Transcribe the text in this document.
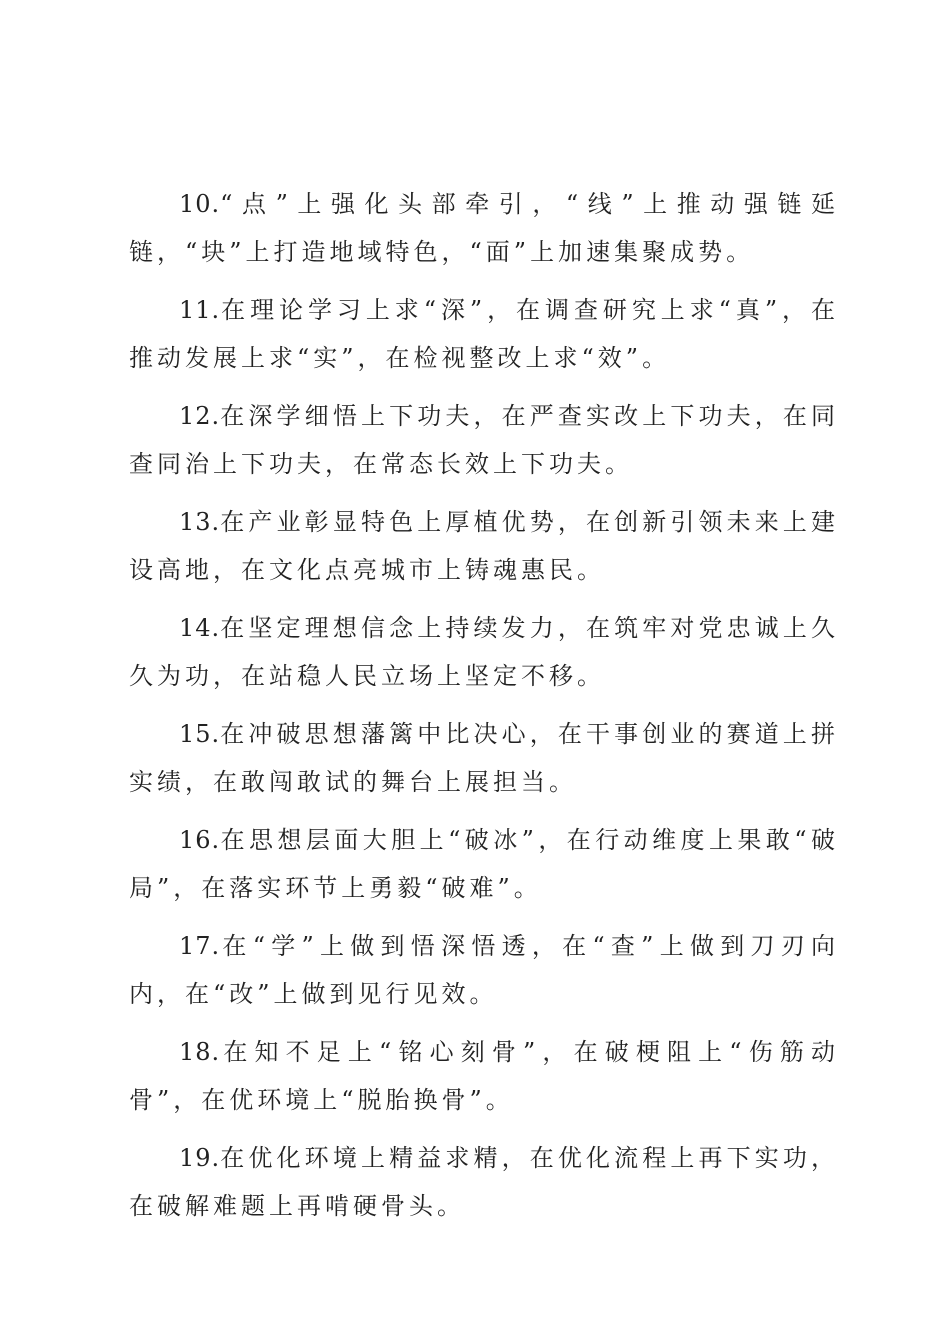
10.“点”上强化头部牵引，“线”上推动强链延链，“块”上打造地域特色，“面”上加速集聚成势。

11.在理论学习上求“深”，在调查研究上求“真”，在推动发展上求“实”，在检视整改上求“效”。

12.在深学细悟上下功夫，在严查实改上下功夫，在同查同治上下功夫，在常态长效上下功夫。

13.在产业彰显特色上厚植优势，在创新引领未来上建设高地，在文化点亮城市上铸魂惠民。

14.在坚定理想信念上持续发力，在筑牢对党忠诚上久久为功，在站稳人民立场上坚定不移。

15.在冲破思想藩篱中比决心，在干事创业的赛道上拼实绩，在敢闯敢试的舞台上展担当。

16.在思想层面大胆上“破冰”，在行动维度上果敢“破局”，在落实环节上勇毅“破难”。

17.在“学”上做到悟深悟透，在“查”上做到刀刃向内，在“改”上做到见行见效。

18.在知不足上“铭心刻骨”，在破梗阻上“伤筋动骨”，在优环境上“脱胎换骨”。

19.在优化环境上精益求精，在优化流程上再下实功，在破解难题上再啃硬骨头。
